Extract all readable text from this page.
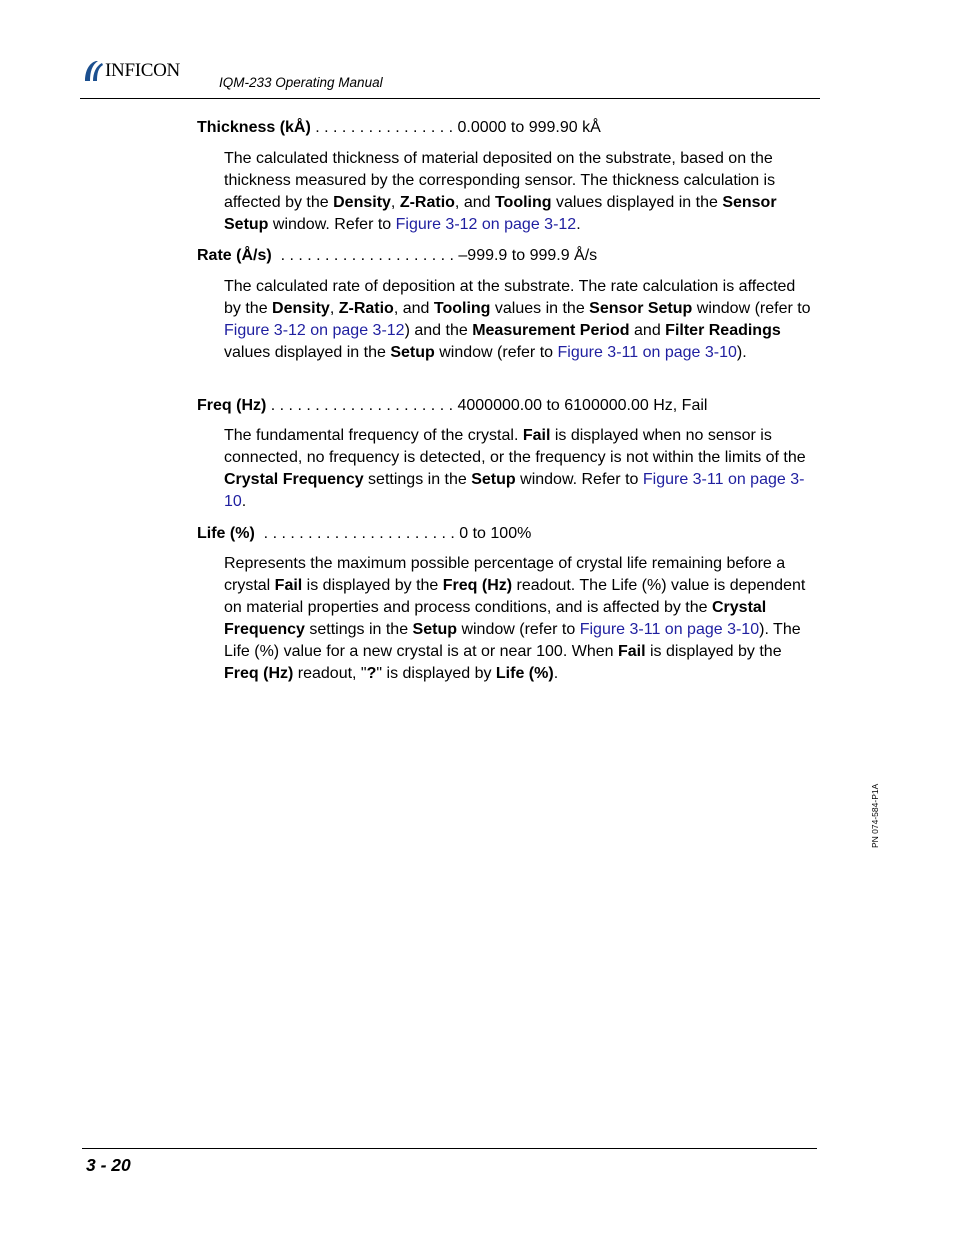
INFICON
IQM-233 Operating Manual
Thickness (kÅ) . . . . . . . . . . . . . . . . 0.0000 to 999.90 kÅ
The calculated thickness of material deposited on the substrate, based on the thickness measured by the corresponding sensor. The thickness calculation is affected by the Density, Z-Ratio, and Tooling values displayed in the Sensor Setup window. Refer to Figure 3-12 on page 3-12.
Rate (Å/s)  . . . . . . . . . . . . . . . . . . . . –999.9 to 999.9 Å/s
The calculated rate of deposition at the substrate. The rate calculation is affected by the Density, Z-Ratio, and Tooling values in the Sensor Setup window (refer to Figure 3-12 on page 3-12) and the Measurement Period and Filter Readings values displayed in the Setup window (refer to Figure 3-11 on page 3-10).
Freq (Hz) . . . . . . . . . . . . . . . . . . . . . 4000000.00 to 6100000.00 Hz, Fail
The fundamental frequency of the crystal. Fail is displayed when no sensor is connected, no frequency is detected, or the frequency is not within the limits of the Crystal Frequency settings in the Setup window. Refer to Figure 3-11 on page 3-10.
Life (%)  . . . . . . . . . . . . . . . . . . . . . . 0 to 100%
Represents the maximum possible percentage of crystal life remaining before a crystal Fail is displayed by the Freq (Hz) readout. The Life (%) value is dependent on material properties and process conditions, and is affected by the Crystal Frequency settings in the Setup window (refer to Figure 3-11 on page 3-10). The Life (%) value for a new crystal is at or near 100. When Fail is displayed by the Freq (Hz) readout, "?" is displayed by Life (%).
PN 074-584-P1A
3 - 20
